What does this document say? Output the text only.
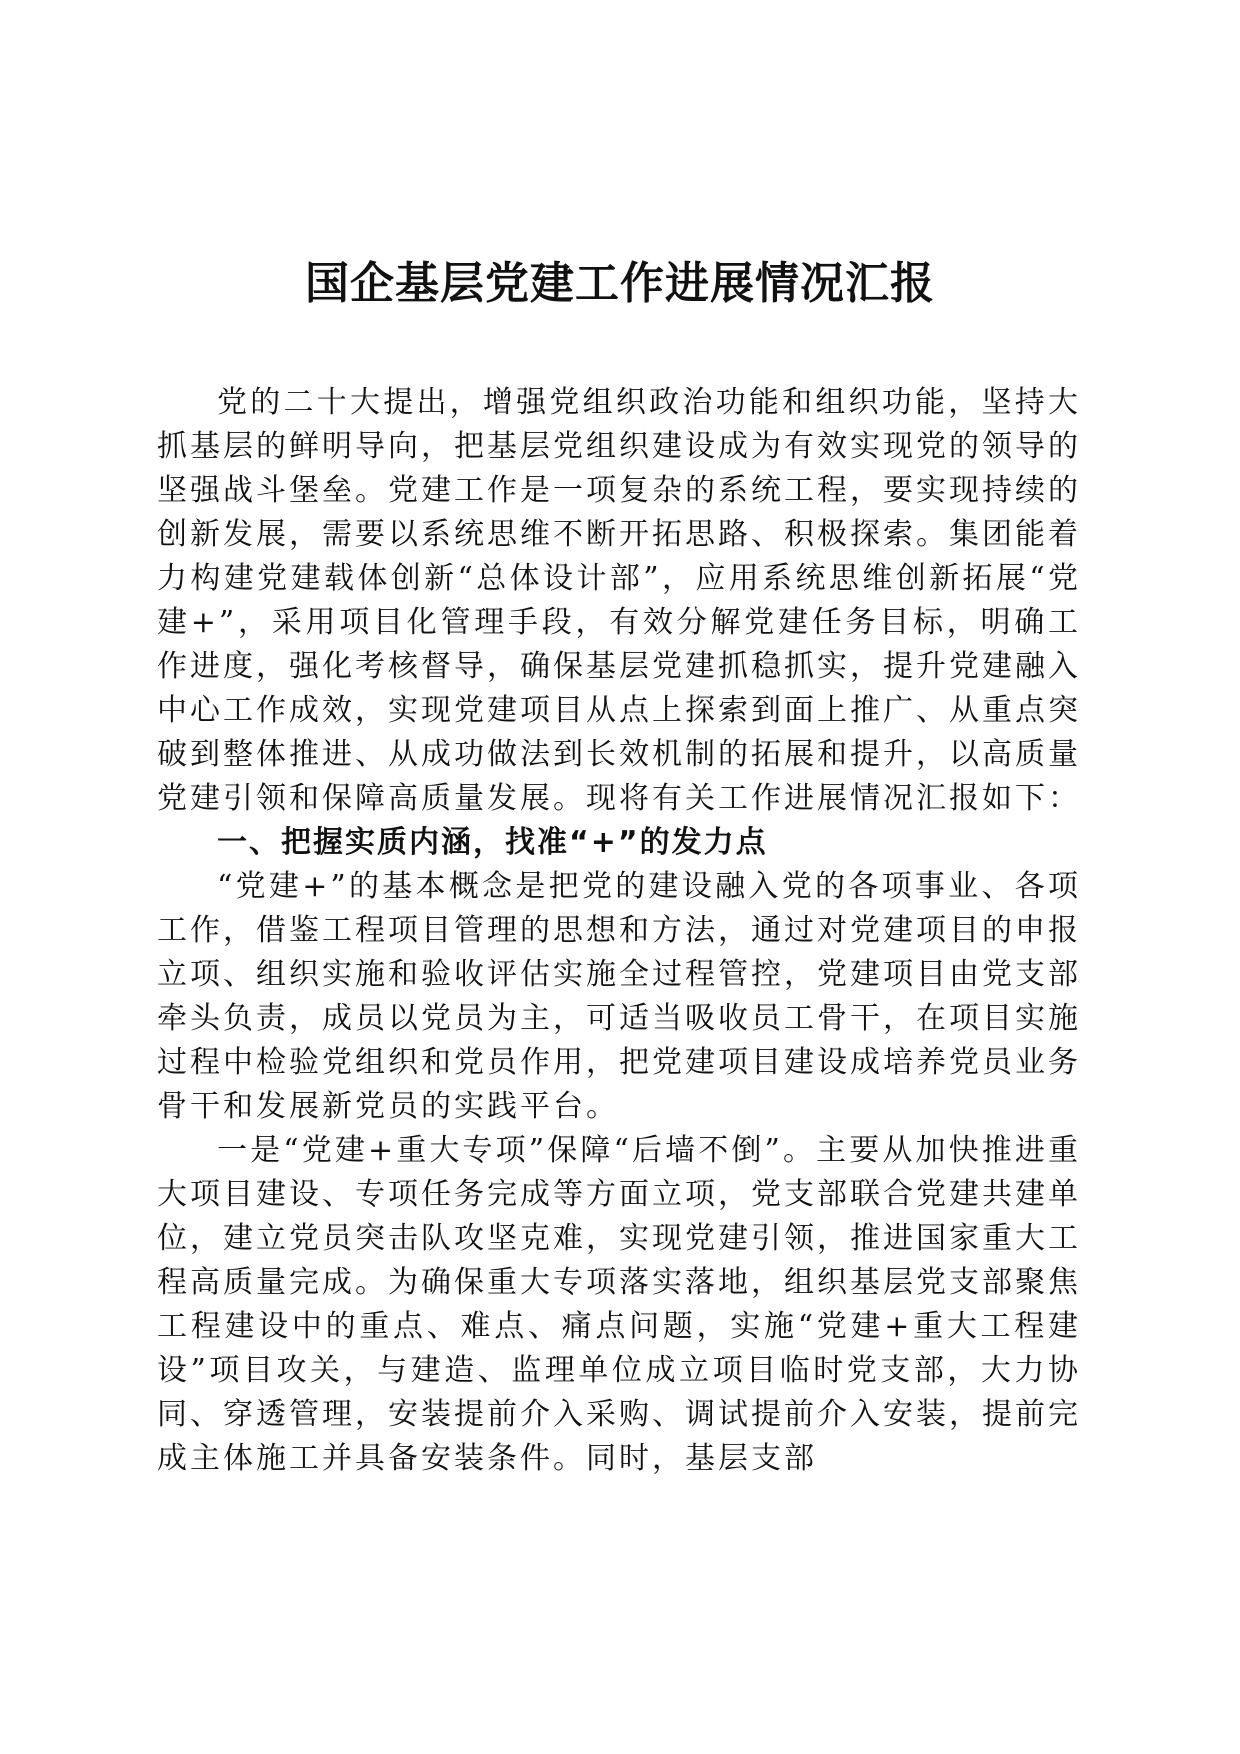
国企基层党建工作进展情况汇报

党的二十大提出，增强党组织政治功能和组织功能，坚持大抓基层的鲜明导向，把基层党组织建设成为有效实现党的领导的坚强战斗堡垒。党建工作是一项复杂的系统工程，要实现持续的创新发展，需要以系统思维不断开拓思路、积极探索。集团能着力构建党建载体创新“总体设计部”，应用系统思维创新拓展“党建+”，采用项目化管理手段，有效分解党建任务目标，明确工作进度，强化考核督导，确保基层党建抓稳抓实，提升党建融入中心工作成效，实现党建项目从点上探索到面上推广、从重点突破到整体推进、从成功做法到长效机制的拓展和提升，以高质量党建引领和保障高质量发展。现将有关工作进展情况汇报如下：

一、把握实质内涵，找准“+”的发力点

“党建+”的基本概念是把党的建设融入党的各项事业、各项工作，借鉴工程项目管理的思想和方法，通过对党建项目的申报立项、组织实施和验收评估实施全过程管控，党建项目由党支部牵头负责，成员以党员为主，可适当吸收员工骨干，在项目实施过程中检验党组织和党员作用，把党建项目建设成培养党员业务骨干和发展新党员的实践平台。

一是“党建+重大专项”保障“后墙不倒”。主要从加快推进重大项目建设、专项任务完成等方面立项，党支部联合党建共建单位，建立党员突击队攻坚克难，实现党建引领，推进国家重大工程高质量完成。为确保重大专项落实落地，组织基层党支部聚焦工程建设中的重点、难点、痛点问题，实施“党建+重大工程建设”项目攻关，与建造、监理单位成立项目临时党支部，大力协同、穿透管理，安装提前介入采购、调试提前介入安装，提前完成主体施工并具备安装条件。同时，基层支部
